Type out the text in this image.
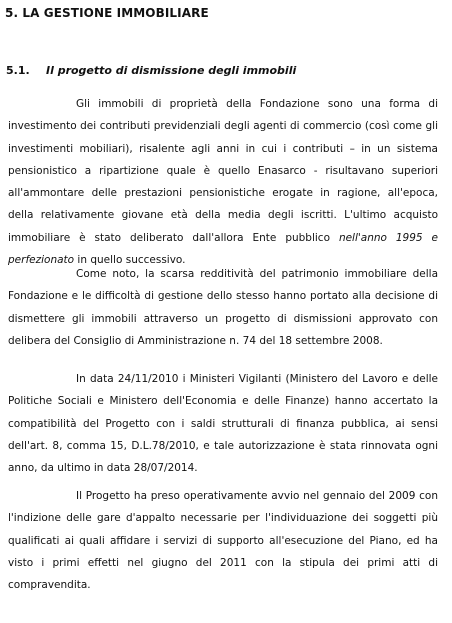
5. LA GESTIONE IMMOBILIARE
5.1. Il progetto di dismissione degli immobili

Gli immobili di proprietà della Fondazione sono una forma di investimento dei contributi previdenziali degli agenti di commercio (così come gli investimenti mobiliari), risalente agli anni in cui i contributi – in un sistema pensionistico a ripartizione quale è quello Enasarco - risultavano superiori all'ammontare delle prestazioni pensionistiche erogate in ragione, all'epoca, della relativamente giovane età della media degli iscritti. L'ultimo acquisto immobiliare è stato deliberato dall'allora Ente pubblico nell'anno 1995 e perfezionato in quello successivo.

Come noto, la scarsa redditività del patrimonio immobiliare della Fondazione e le difficoltà di gestione dello stesso hanno portato alla decisione di dismettere gli immobili attraverso un progetto di dismissioni approvato con delibera del Consiglio di Amministrazione n. 74 del 18 settembre 2008.

In data 24/11/2010 i Ministeri Vigilanti (Ministero del Lavoro e delle Politiche Sociali e Ministero dell'Economia e delle Finanze) hanno accertato la compatibilità del Progetto con i saldi strutturali di finanza pubblica, ai sensi dell'art. 8, comma 15, D.L.78/2010, e tale autorizzazione è stata rinnovata ogni anno, da ultimo in data 28/07/2014.

Il Progetto ha preso operativamente avvio nel gennaio del 2009 con l'indizione delle gare d'appalto necessarie per l'individuazione dei soggetti più qualificati ai quali affidare i servizi di supporto all'esecuzione del Piano, ed ha visto i primi effetti nel giugno del 2011 con la stipula dei primi atti di compravendita.
